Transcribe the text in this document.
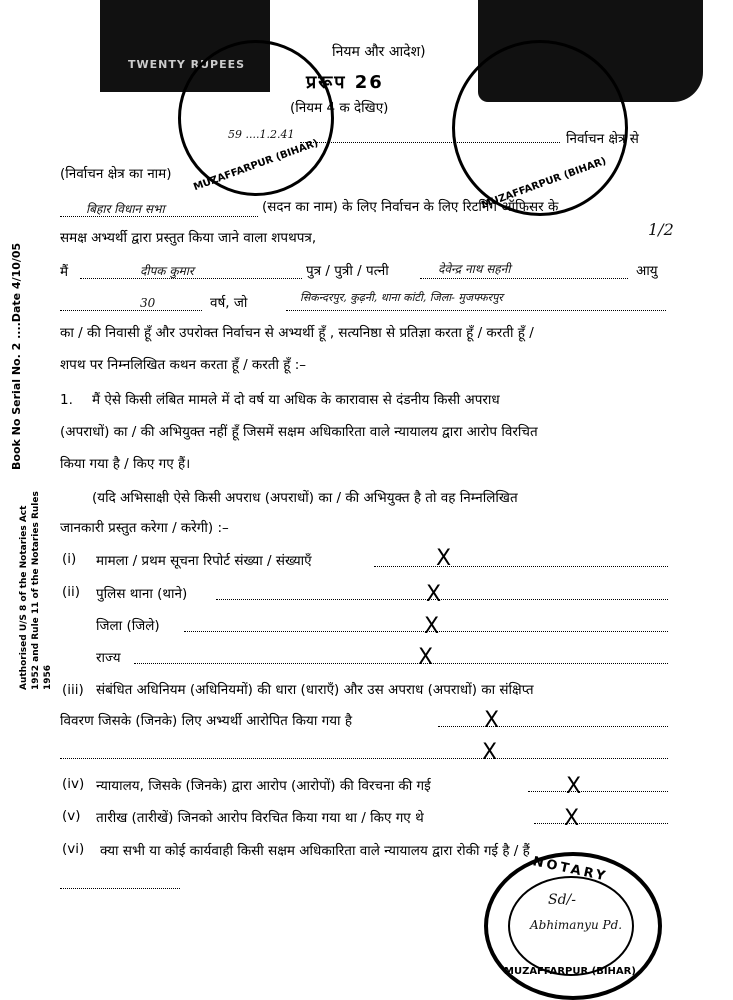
TWENTY RUPEES
59 ....1.2.41
MUZAFFARPUR (BIHAR)	MUZAFFARPUR (BIHAR)
नियम और आदेश)
प्ररूप 26
(नियम 4 क देखिए)
निर्वाचन क्षेत्र से
(निर्वाचन क्षेत्र का नाम)
बिहार विधान सभा	(सदन का नाम) के लिए निर्वाचन के लिए रिटर्निंग ऑफिसर के
1/2
समक्ष अभ्यर्थी द्वारा प्रस्तुत किया जाने वाला शपथपत्र,
मैं	दीपक कुमार	पुत्र / पुत्री / पत्नी	देवेन्द्र नाथ सहनी	आयु
30	वर्ष, जो	सिकन्दरपुर, कुढ़नी, थाना कांटी, जिला- मुजफ्फरपुर
का / की निवासी हूँ और उपरोक्त निर्वाचन से अभ्यर्थी हूँ , सत्यनिष्ठा से प्रतिज्ञा करता हूँ / करती हूँ /
शपथ पर निम्नलिखित कथन करता हूँ / करती हूँ :–
1. मैं ऐसे किसी लंबित मामले में दो वर्ष या अधिक के कारावास से दंडनीय किसी अपराध
(अपराधों) का / की अभियुक्त नहीं हूँ जिसमें सक्षम अधिकारिता वाले न्यायालय द्वारा आरोप विरचित
किया गया है / किए गए हैं।
(यदि अभिसाक्षी ऐसे किसी अपराध (अपराधों) का / की अभियुक्त है तो वह निम्नलिखित
जानकारी प्रस्तुत करेगा / करेगी) :–
(i) मामला / प्रथम सूचना रिपोर्ट संख्या / संख्याएँ	X
(ii) पुलिस थाना (थाने)	X
जिला (जिले)	X
राज्य	X
(iii) संबंधित अधिनियम (अधिनियमों) की धारा (धाराएँ) और उस अपराध (अपराधों) का संक्षिप्त
विवरण जिसके (जिनके) लिए अभ्यर्थी आरोपित किया गया है	X
X
(iv) न्यायालय, जिसके (जिनके) द्वारा आरोप (आरोपों) की विरचना की गई	X
(v) तारीख (तारीखें) जिनको आरोप विरचित किया गया था / किए गए थे	X
(vi) क्या सभी या कोई कार्यवाही किसी सक्षम अधिकारिता वाले न्यायालय द्वारा रोकी गई है / हैं
NOTARY
MUZAFFARPUR (BIHAR)
Sd/-
Abhimanyu Pd.
Book No Serial No. 2 ....Date 4/10/05
Authorised U/S 8 of the Notaries Act 1952 and Rule 11 of the Notaries Rules 1956
